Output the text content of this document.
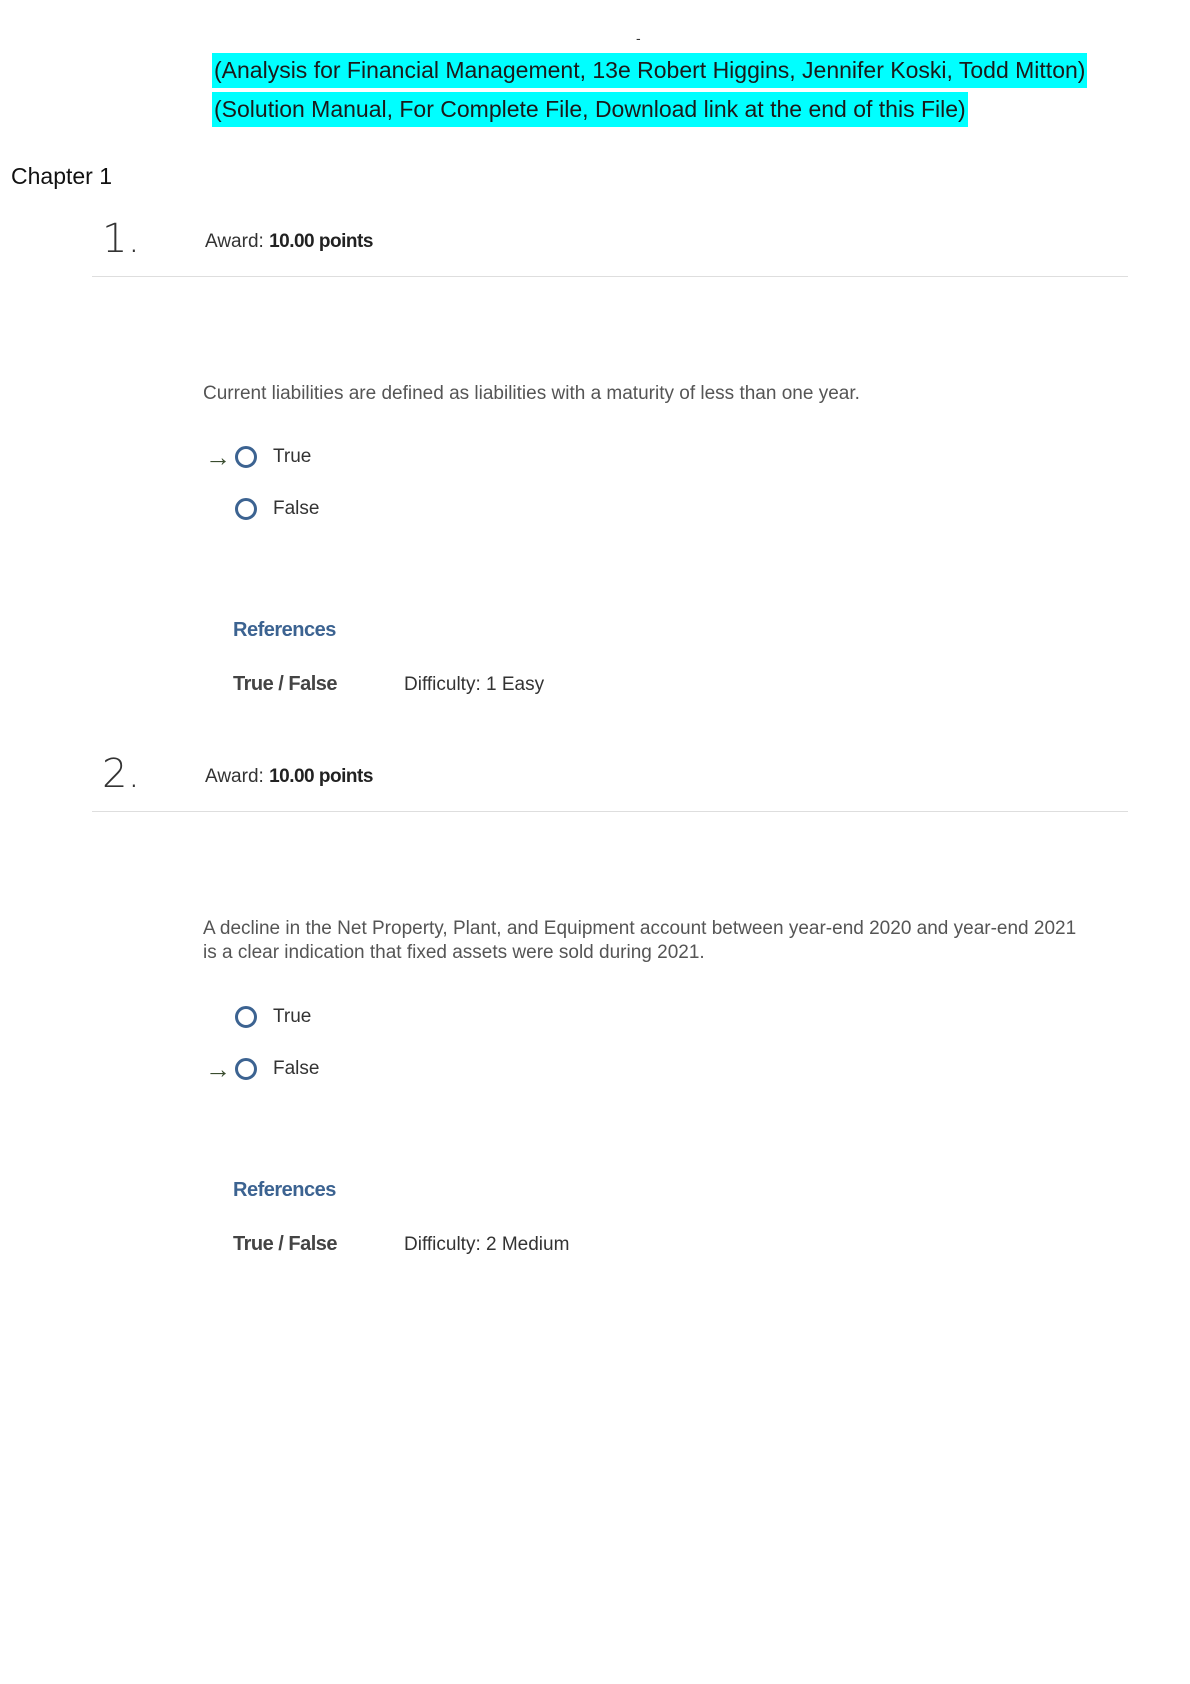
-
(Analysis for Financial Management, 13e Robert Higgins, Jennifer Koski, Todd Mitton)
(Solution Manual, For Complete File, Download link at the end of this File)
Chapter 1
1.	Award: 10.00 points
Current liabilities are defined as liabilities with a maturity of less than one year.
→ True
False
References
True / False	Difficulty: 1 Easy
2.	Award: 10.00 points
A decline in the Net Property, Plant, and Equipment account between year-end 2020 and year-end 2021 is a clear indication that fixed assets were sold during 2021.
True
→ False
References
True / False	Difficulty: 2 Medium
